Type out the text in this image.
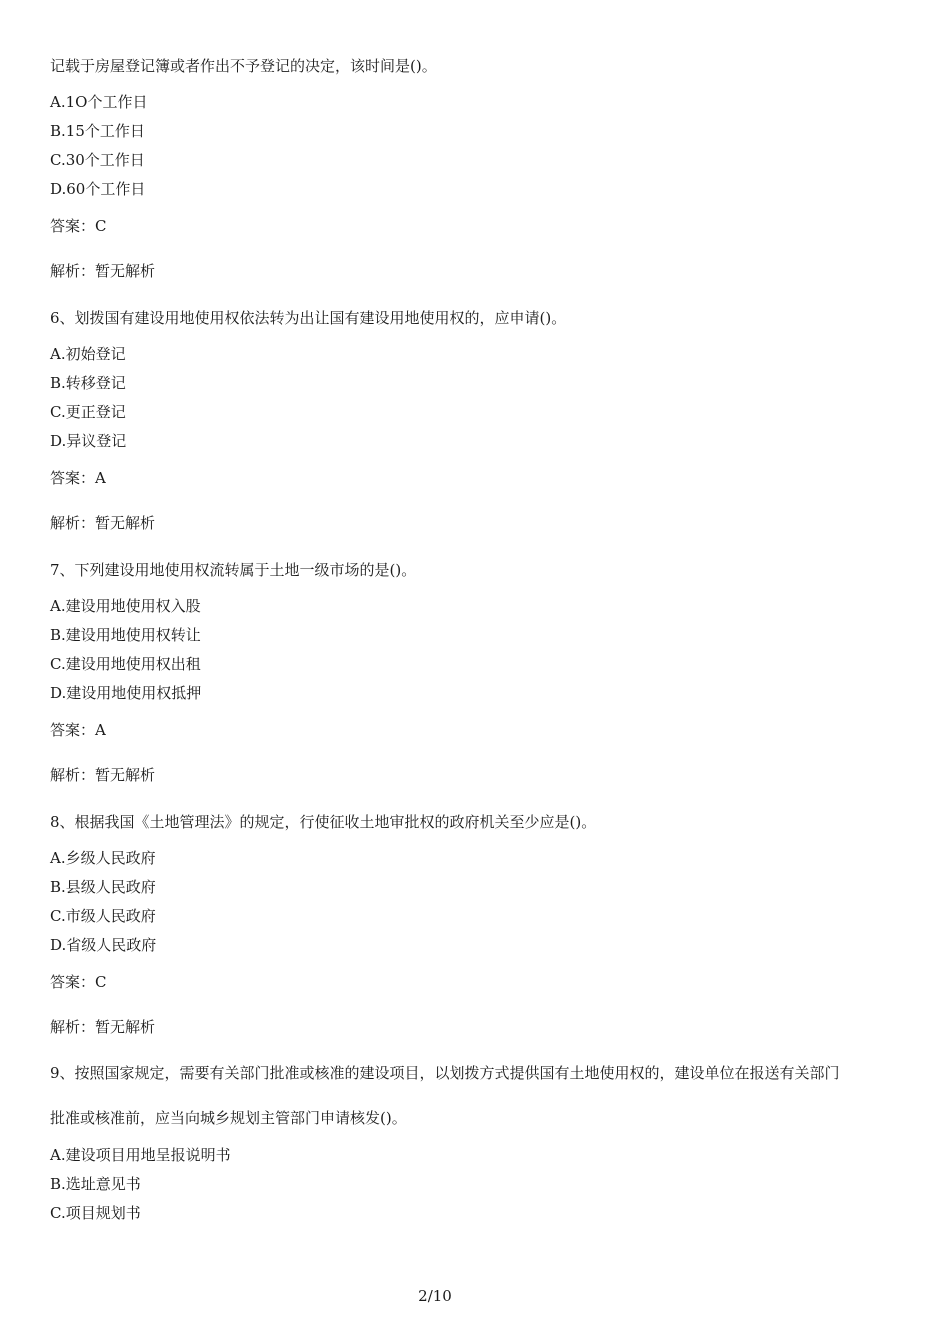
记载于房屋登记簿或者作出不予登记的决定，该时间是()。
A.1O个工作日
B.15个工作日
C.30个工作日
D.60个工作日
答案：C
解析：暂无解析
6、划拨国有建设用地使用权依法转为出让国有建设用地使用权的，应申请()。
A.初始登记
B.转移登记
C.更正登记
D.异议登记
答案：A
解析：暂无解析
7、下列建设用地使用权流转属于土地一级市场的是()。
A.建设用地使用权入股
B.建设用地使用权转让
C.建设用地使用权出租
D.建设用地使用权抵押
答案：A
解析：暂无解析
8、根据我国《土地管理法》的规定，行使征收土地审批权的政府机关至少应是()。
A.乡级人民政府
B.县级人民政府
C.市级人民政府
D.省级人民政府
答案：C
解析：暂无解析
9、按照国家规定，需要有关部门批准或核准的建设项目，以划拨方式提供国有土地使用权的，建设单位在报送有关部门
批准或核准前，应当向城乡规划主管部门申请核发()。
A.建设项目用地呈报说明书
B.选址意见书
C.项目规划书
2/10
